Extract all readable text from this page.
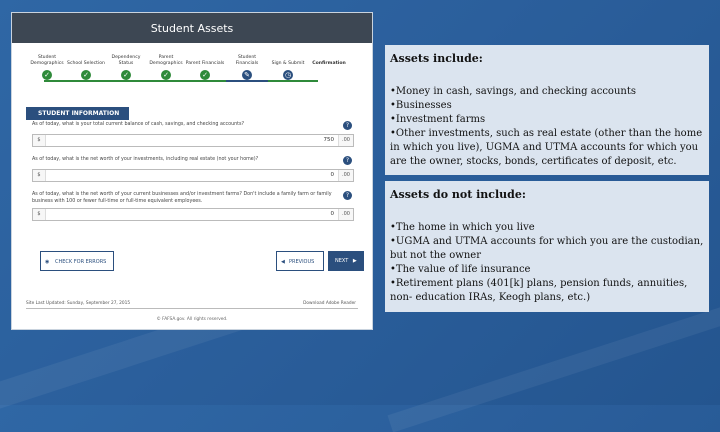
Student Assets
Student Demographics
✓
School Selection
✓
Dependency Status
✓
Parent Demographics
✓
Parent Financials
✓
Student Financials
✎
Sign & Submit
◷
Confirmation
STUDENT INFORMATION
As of today, what is your total current balance of cash, savings, and checking accounts?	?
$	750	.00
As of today, what is the net worth of your investments, including real estate (not your home)?	?
$	0	.00
As of today, what is the net worth of your current businesses and/or investment farms? Don't include a family farm or family business with 100 or fewer full-time or full-time equivalent employees.
?
$	0	.00
◉ CHECK FOR ERRORS	◀ PREVIOUS	NEXT ▶
Site Last Updated: Sunday, September 27, 2015	Download Adobe Reader
© FAFSA.gov. All rights reserved.
Assets include:
• Money in cash, savings, and checking accounts
• Businesses
• Investment farms
• Other investments, such as real estate (other than the home in which you live), UGMA and UTMA accounts for which you are the owner, stocks, bonds, certificates of deposit, etc.
Assets do not include:
• The home in which you live
• UGMA and UTMA accounts for which you are the custodian, but not the owner
• The value of life insurance
• Retirement plans (401[k] plans, pension funds, annuities, non- education IRAs, Keogh plans, etc.)
